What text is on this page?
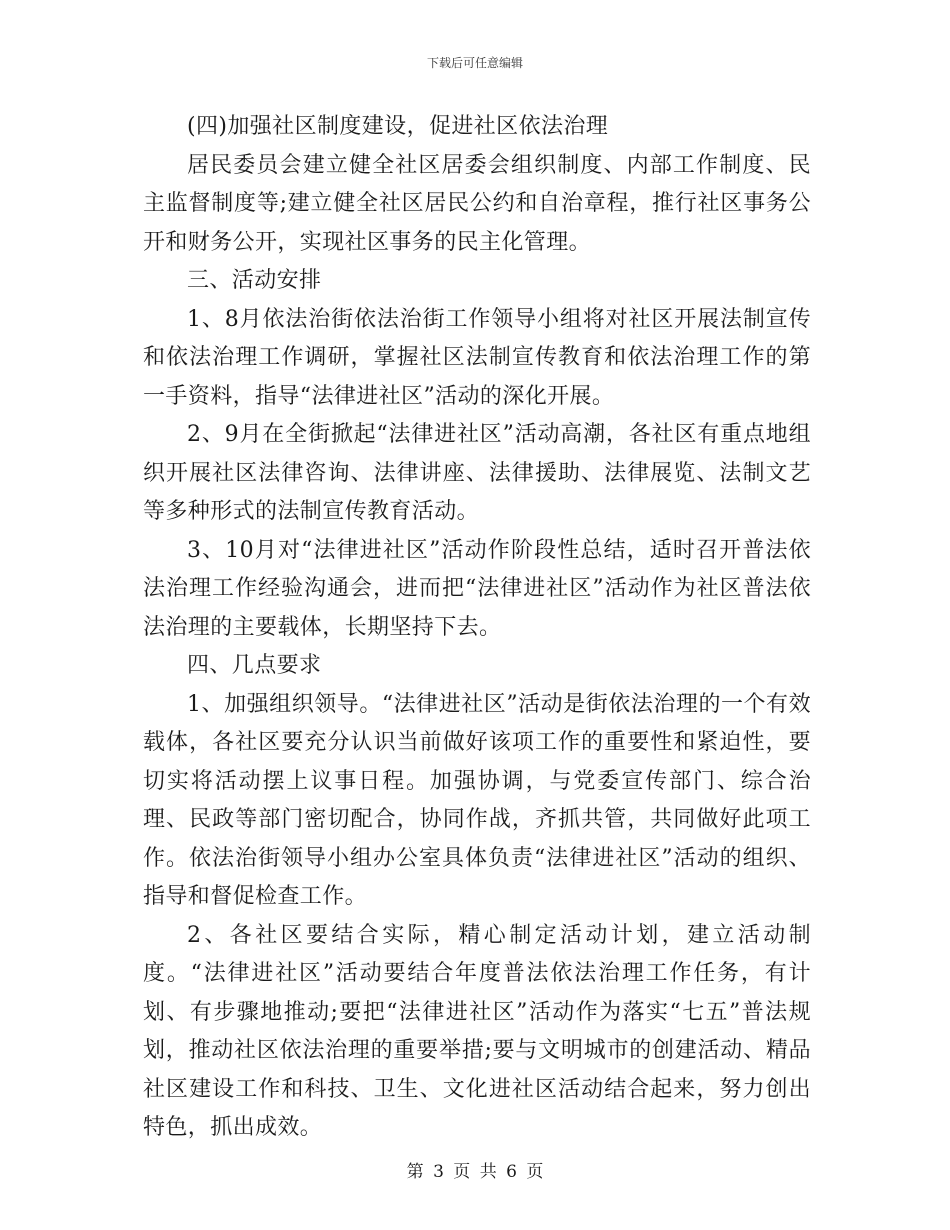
下载后可任意编辑

(四)加强社区制度建设，促进社区依法治理

居民委员会建立健全社区居委会组织制度、内部工作制度、民主监督制度等;建立健全社区居民公约和自治章程，推行社区事务公开和财务公开，实现社区事务的民主化管理。

三、活动安排

1、8月依法治街依法治街工作领导小组将对社区开展法制宣传和依法治理工作调研，掌握社区法制宣传教育和依法治理工作的第一手资料，指导“法律进社区”活动的深化开展。

2、9月在全街掀起“法律进社区”活动高潮，各社区有重点地组织开展社区法律咨询、法律讲座、法律援助、法律展览、法制文艺等多种形式的法制宣传教育活动。

3、10月对“法律进社区”活动作阶段性总结，适时召开普法依法治理工作经验沟通会，进而把“法律进社区”活动作为社区普法依法治理的主要载体，长期坚持下去。

四、几点要求

1、加强组织领导。“法律进社区”活动是街依法治理的一个有效载体，各社区要充分认识当前做好该项工作的重要性和紧迫性，要切实将活动摆上议事日程。加强协调，与党委宣传部门、综合治理、民政等部门密切配合，协同作战，齐抓共管，共同做好此项工作。依法治街领导小组办公室具体负责“法律进社区”活动的组织、指导和督促检查工作。

2、各社区要结合实际，精心制定活动计划，建立活动制度。“法律进社区”活动要结合年度普法依法治理工作任务，有计划、有步骤地推动;要把“法律进社区”活动作为落实“七五”普法规划，推动社区依法治理的重要举措;要与文明城市的创建活动、精品社区建设工作和科技、卫生、文化进社区活动结合起来，努力创出特色，抓出成效。

第 3 页 共 6 页
